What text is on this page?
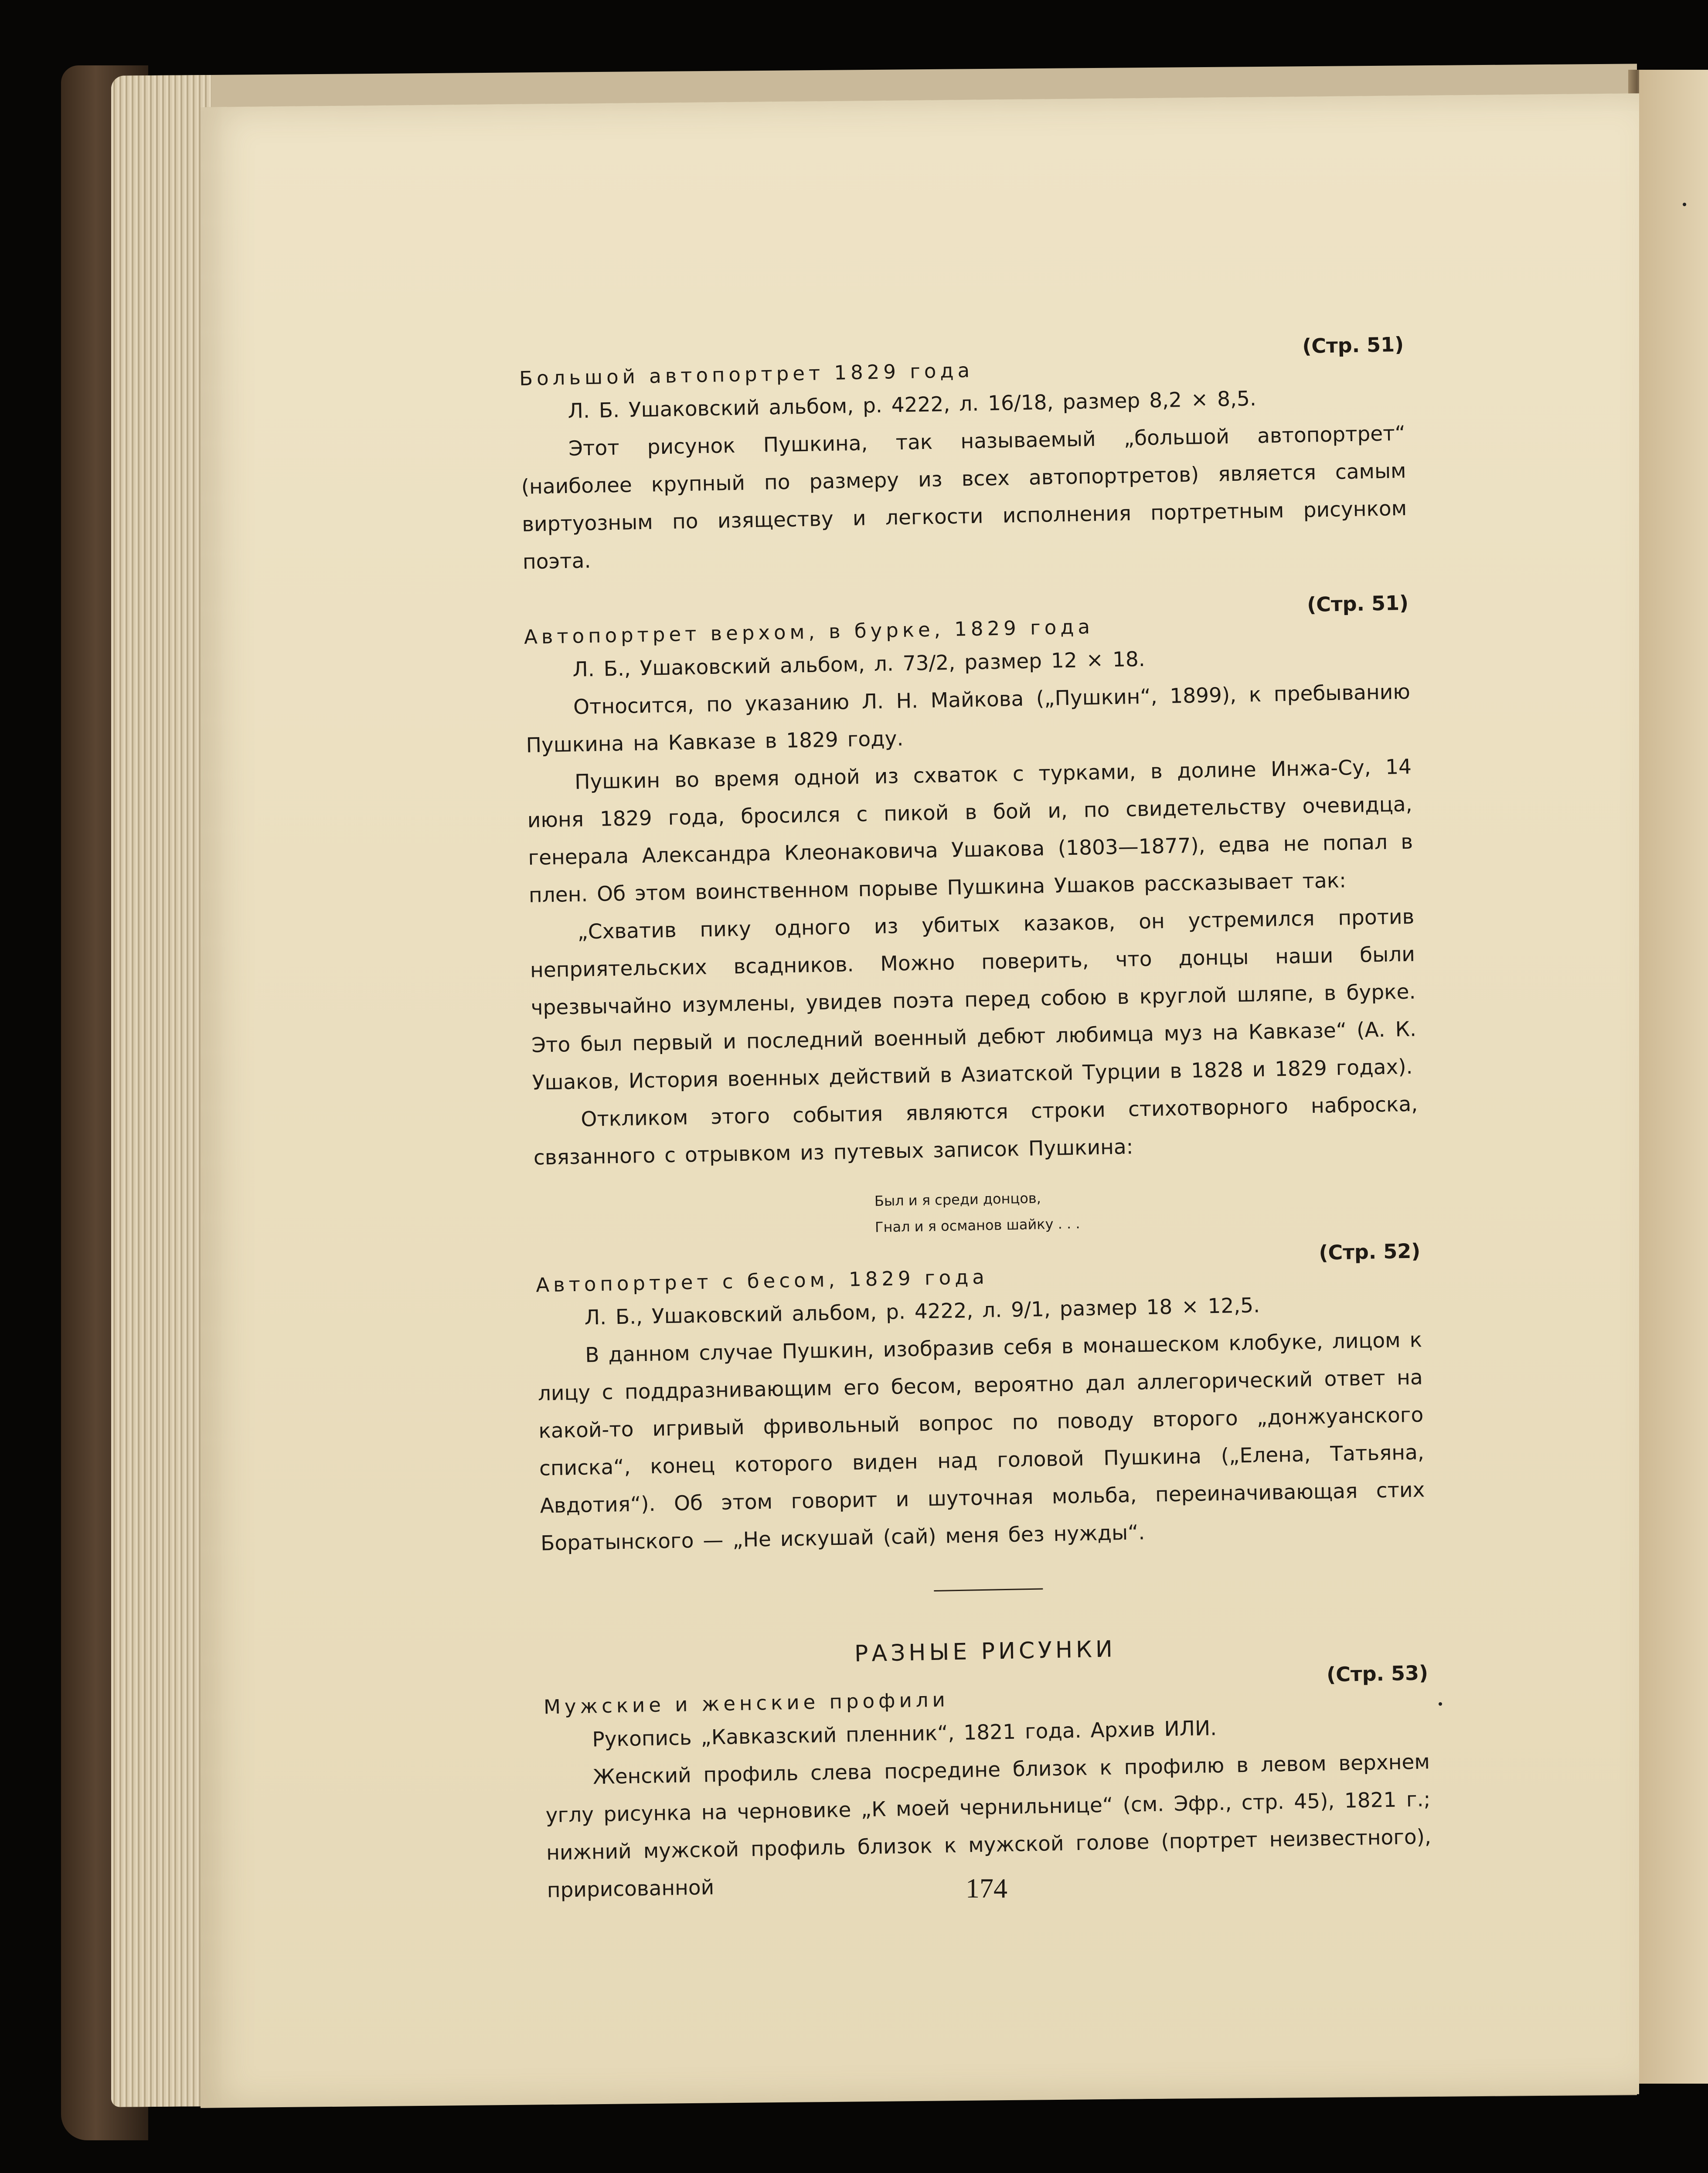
Большой автопортрет 1829 года
(Стр. 51)

Л. Б. Ушаковский альбом, р. 4222, л. 16/18, размер 8,2 × 8,5.

Этот рисунок Пушкина, так называемый „большой автопортрет“ (наиболее крупный по размеру из всех автопортретов) является самым виртуозным по изяществу и легкости исполнения портретным рисунком поэта.

Автопортрет верхом, в бурке, 1829 года
(Стр. 51)

Л. Б., Ушаковский альбом, л. 73/2, размер 12 × 18.

Относится, по указанию Л. Н. Майкова („Пушкин“, 1899), к пребыванию Пушкина на Кавказе в 1829 году.

Пушкин во время одной из схваток с турками, в долине Инжа-Су, 14 июня 1829 года, бросился с пикой в бой и, по свидетельству очевидца, генерала Александра Клеонаковича Ушакова (1803—1877), едва не попал в плен. Об этом воинственном порыве Пушкина Ушаков рассказывает так:

„Схватив пику одного из убитых казаков, он устремился против неприятельских всадников. Можно поверить, что донцы наши были чрезвычайно изумлены, увидев поэта перед собою в круглой шляпе, в бурке. Это был первый и последний военный дебют любимца муз на Кавказе“ (А. К. Ушаков, История военных действий в Азиатской Турции в 1828 и 1829 годах).

Откликом этого события являются строки стихотворного наброска, связанного с отрывком из путевых записок Пушкина:

Был и я среди донцов,
Гнал и я османов шайку . . .
Автопортрет с бесом, 1829 года
(Стр. 52)

Л. Б., Ушаковский альбом, р. 4222, л. 9/1, размер 18 × 12,5.

В данном случае Пушкин, изобразив себя в монашеском клобуке, лицом к лицу с поддразнивающим его бесом, вероятно дал аллегорический ответ на какой-то игривый фривольный вопрос по поводу второго „донжуанского списка“, конец которого виден над головой Пушкина („Елена, Татьяна, Авдотия“). Об этом говорит и шуточная мольба, переиначивающая стих Боратынского — „Не искушай (сай) меня без нужды“.

РАЗНЫЕ РИСУНКИ
Мужские и женские профили
(Стр. 53)

Рукопись „Кавказский пленник“, 1821 года. Архив ИЛИ.

Женский профиль слева посредине близок к профилю в левом верхнем углу рисунка на черновике „К моей чернильнице“ (см. Эфр., стр. 45), 1821 г.; нижний мужской профиль близок к мужской голове (портрет неизвестного), пририсованной	174
